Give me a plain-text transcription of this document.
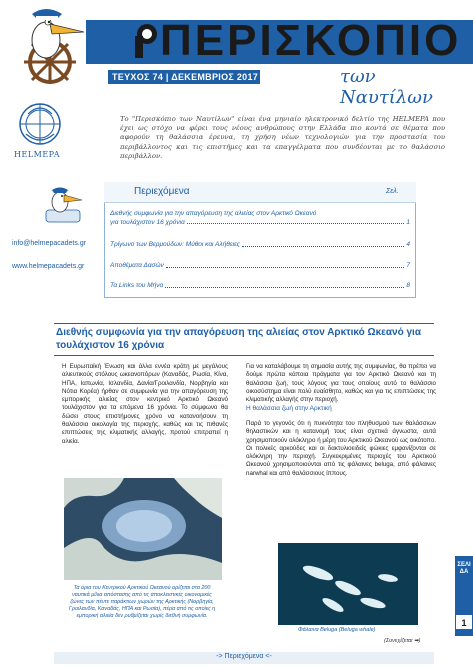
ΠΕΡΙΣΚΟΠΙΟ
ΤΕΥΧΟΣ 74 | ΔΕΚΕΜΒΡΙΟΣ 2017	των Ναυτίλων
HELMEPA
Το "Περισκόπιο των Ναυτίλων" είναι ένα μηνιαίο ηλεκτρονικό δελτίο της HELMEPA που έχει ως στόχο να φέρει τους νέους ανθρώπους στην Ελλάδα πιο κοντά σε θέματα που αφορούν τη θαλάσσια έρευνα, τη χρήση νέων τεχνολογιών για την προστασία του περιβάλλοντος και τις επιστήμες και τα επαγγέλματα που συνδέονται με το θαλάσσιο περιβάλλον.
Περιεχόμενα	Σελ.
Διεθνής συμφωνία για την απαγόρευση της αλιείας στον Αρκτικό Ωκεανό
για τουλάχιστον 16 χρόνια	1
Τρίγωνο των Βερμούδων: Μύθοι και Αλήθειες	4
Αποθέματα Δασών	7
Τα Links του Μήνα	8
info@helmepacadets.gr
www.helmepacadets.gr
Διεθνής συμφωνία για την απαγόρευση της αλιείας στον Αρκτικό Ωκεανό για τουλάχιστον 16 χρόνια
Η Ευρωπαϊκή Ένωση και άλλα εννέα κράτη με μεγάλους αλιευτικούς στόλους ωκεανοπόρων (Καναδάς, Ρωσία, Κίνα, ΗΠΑ, Ιαπωνία, Ισλανδία, Δανία/Γροιλανδία, Νορβηγία και Νότια Κορέα) ήρθαν σε συμφωνία για την απαγόρευση της εμπορικής αλιείας στον κεντρικό Αρκτικό Ωκεανό τουλάχιστον για τα επόμενα 16 χρόνια. Το σύμφωνο θα δώσει στους επιστήμονες χρόνο να κατανοήσουν τη θαλάσσια οικολογία της περιοχής, καθώς και τις πιθανές επιπτώσεις της κλιματικής αλλαγής, προτού επιτραπεί η αλιεία.
Για να καταλάβουμε τη σημασία αυτής της συμφωνίας, θα πρέπει να δούμε πρώτα κάποια πράγματα για τον Αρκτικό Ωκεανό και τη θαλάσσια ζωή, τους λόγους για τους οποίους αυτό το θαλάσσιο οικοσύστημα είναι πολύ ευαίσθητο, καθώς και για τις επιπτώσεις της κλιματικής αλλαγής στην περιοχή.
Η θαλάσσια ζωή στην Αρκτική
Παρά το γεγονός ότι η πυκνότητα του πληθυσμού των θαλάσσιων θηλαστικών και η κατανομή τους είναι σχετικά άγνωστα, αυτά χρησιμοποιούν ολόκληρο ή μέρη του Αρκτικού Ωκεανού ως οικότοπο. Οι πολικές αρκούδες και οι δακτυλιοειδείς φώκιες εμφανίζονται σε ολόκληρη την περιοχή. Συγκεκριμένες περιοχές του Αρκτικού Ωκεανού χρησιμοποιούνται από τις φάλαινες beluga, από φάλαινες narwhal και από θαλάσσιους ίππους.
Τα όρια του Κεντρικού Αρκτικού Ωκεανού ορίζεται στα 200 ναυτικά μίλια απόστασης από τις αποκλειστικές οικονομικές ζώνες των πέντε παράκτιων χωρών της Αρκτικής (Νορβηγία, Γροιλανδία, Καναδάς, ΗΠΑ και Ρωσία), πέρα από τις οποίες η εμπορική αλιεία δεν ρυθμίζεται χωρίς διεθνή συμφωνία.
Φάλαινα Beluga (Beluga whale)
(Συνεχίζεται ➡)
ΣΕΛΙΔΑ
1
-> Περιεχόμενα <-
